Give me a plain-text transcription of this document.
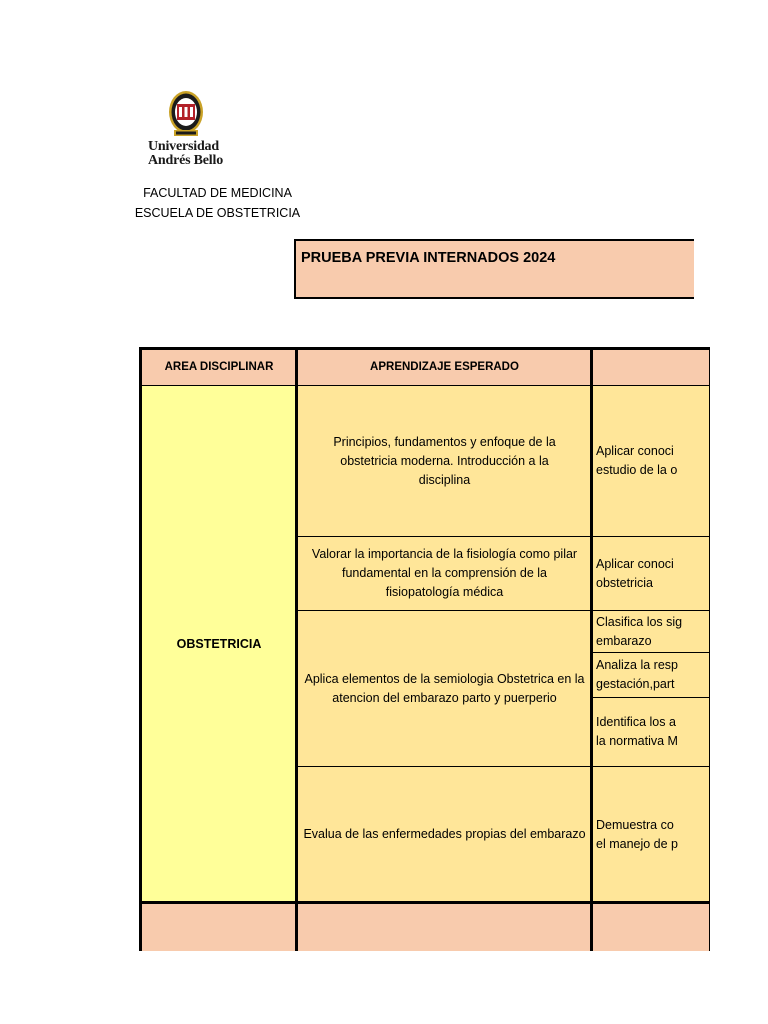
Universidad
Andrés Bello
FACULTAD DE MEDICINA
ESCUELA DE OBSTETRICIA
PRUEBA PREVIA INTERNADOS 2024
AREA DISCIPLINAR	APRENDIZAJE ESPERADO
OBSTETRICIA
Principios, fundamentos y enfoque de la obstetricia moderna. Introducción a la disciplina
Aplicar conoci
estudio de la o
Valorar la importancia de la fisiología como pilar fundamental en la comprensión de la fisiopatología médica
Aplicar conoci
obstetricia
Aplica elementos de la semiologia Obstetrica en la atencion del embarazo parto y puerperio
Clasifica los sig
embarazo
Analiza la resp
gestación,part
Identifica los a
la normativa M
Evalua de las enfermedades propias del embarazo
Demuestra co
el manejo de p
